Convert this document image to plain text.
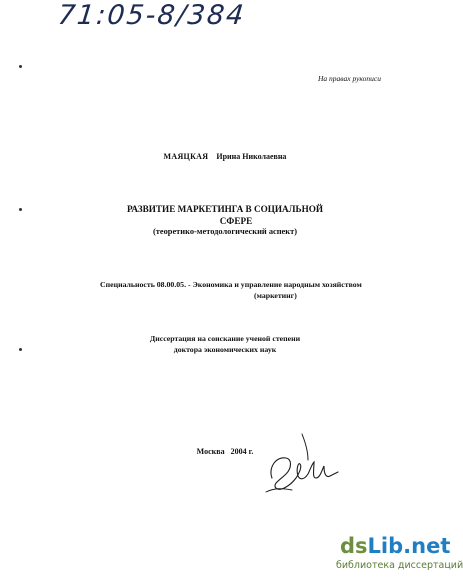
71:05-8/384
На правах рукописи
МАЯЦКАЯ Ирина Николаевна
РАЗВИТИЕ МАРКЕТИНГА В СОЦИАЛЬНОЙ
СФЕРЕ
(теоретико-методологический аспект)
Специальность 08.00.05. - Экономика и управление народным хозяйством
(маркетинг)
Диссертация на соискание ученой степени
доктора экономических наук
Москва 2004 г.
dsLib.net
библиотека диссертаций
